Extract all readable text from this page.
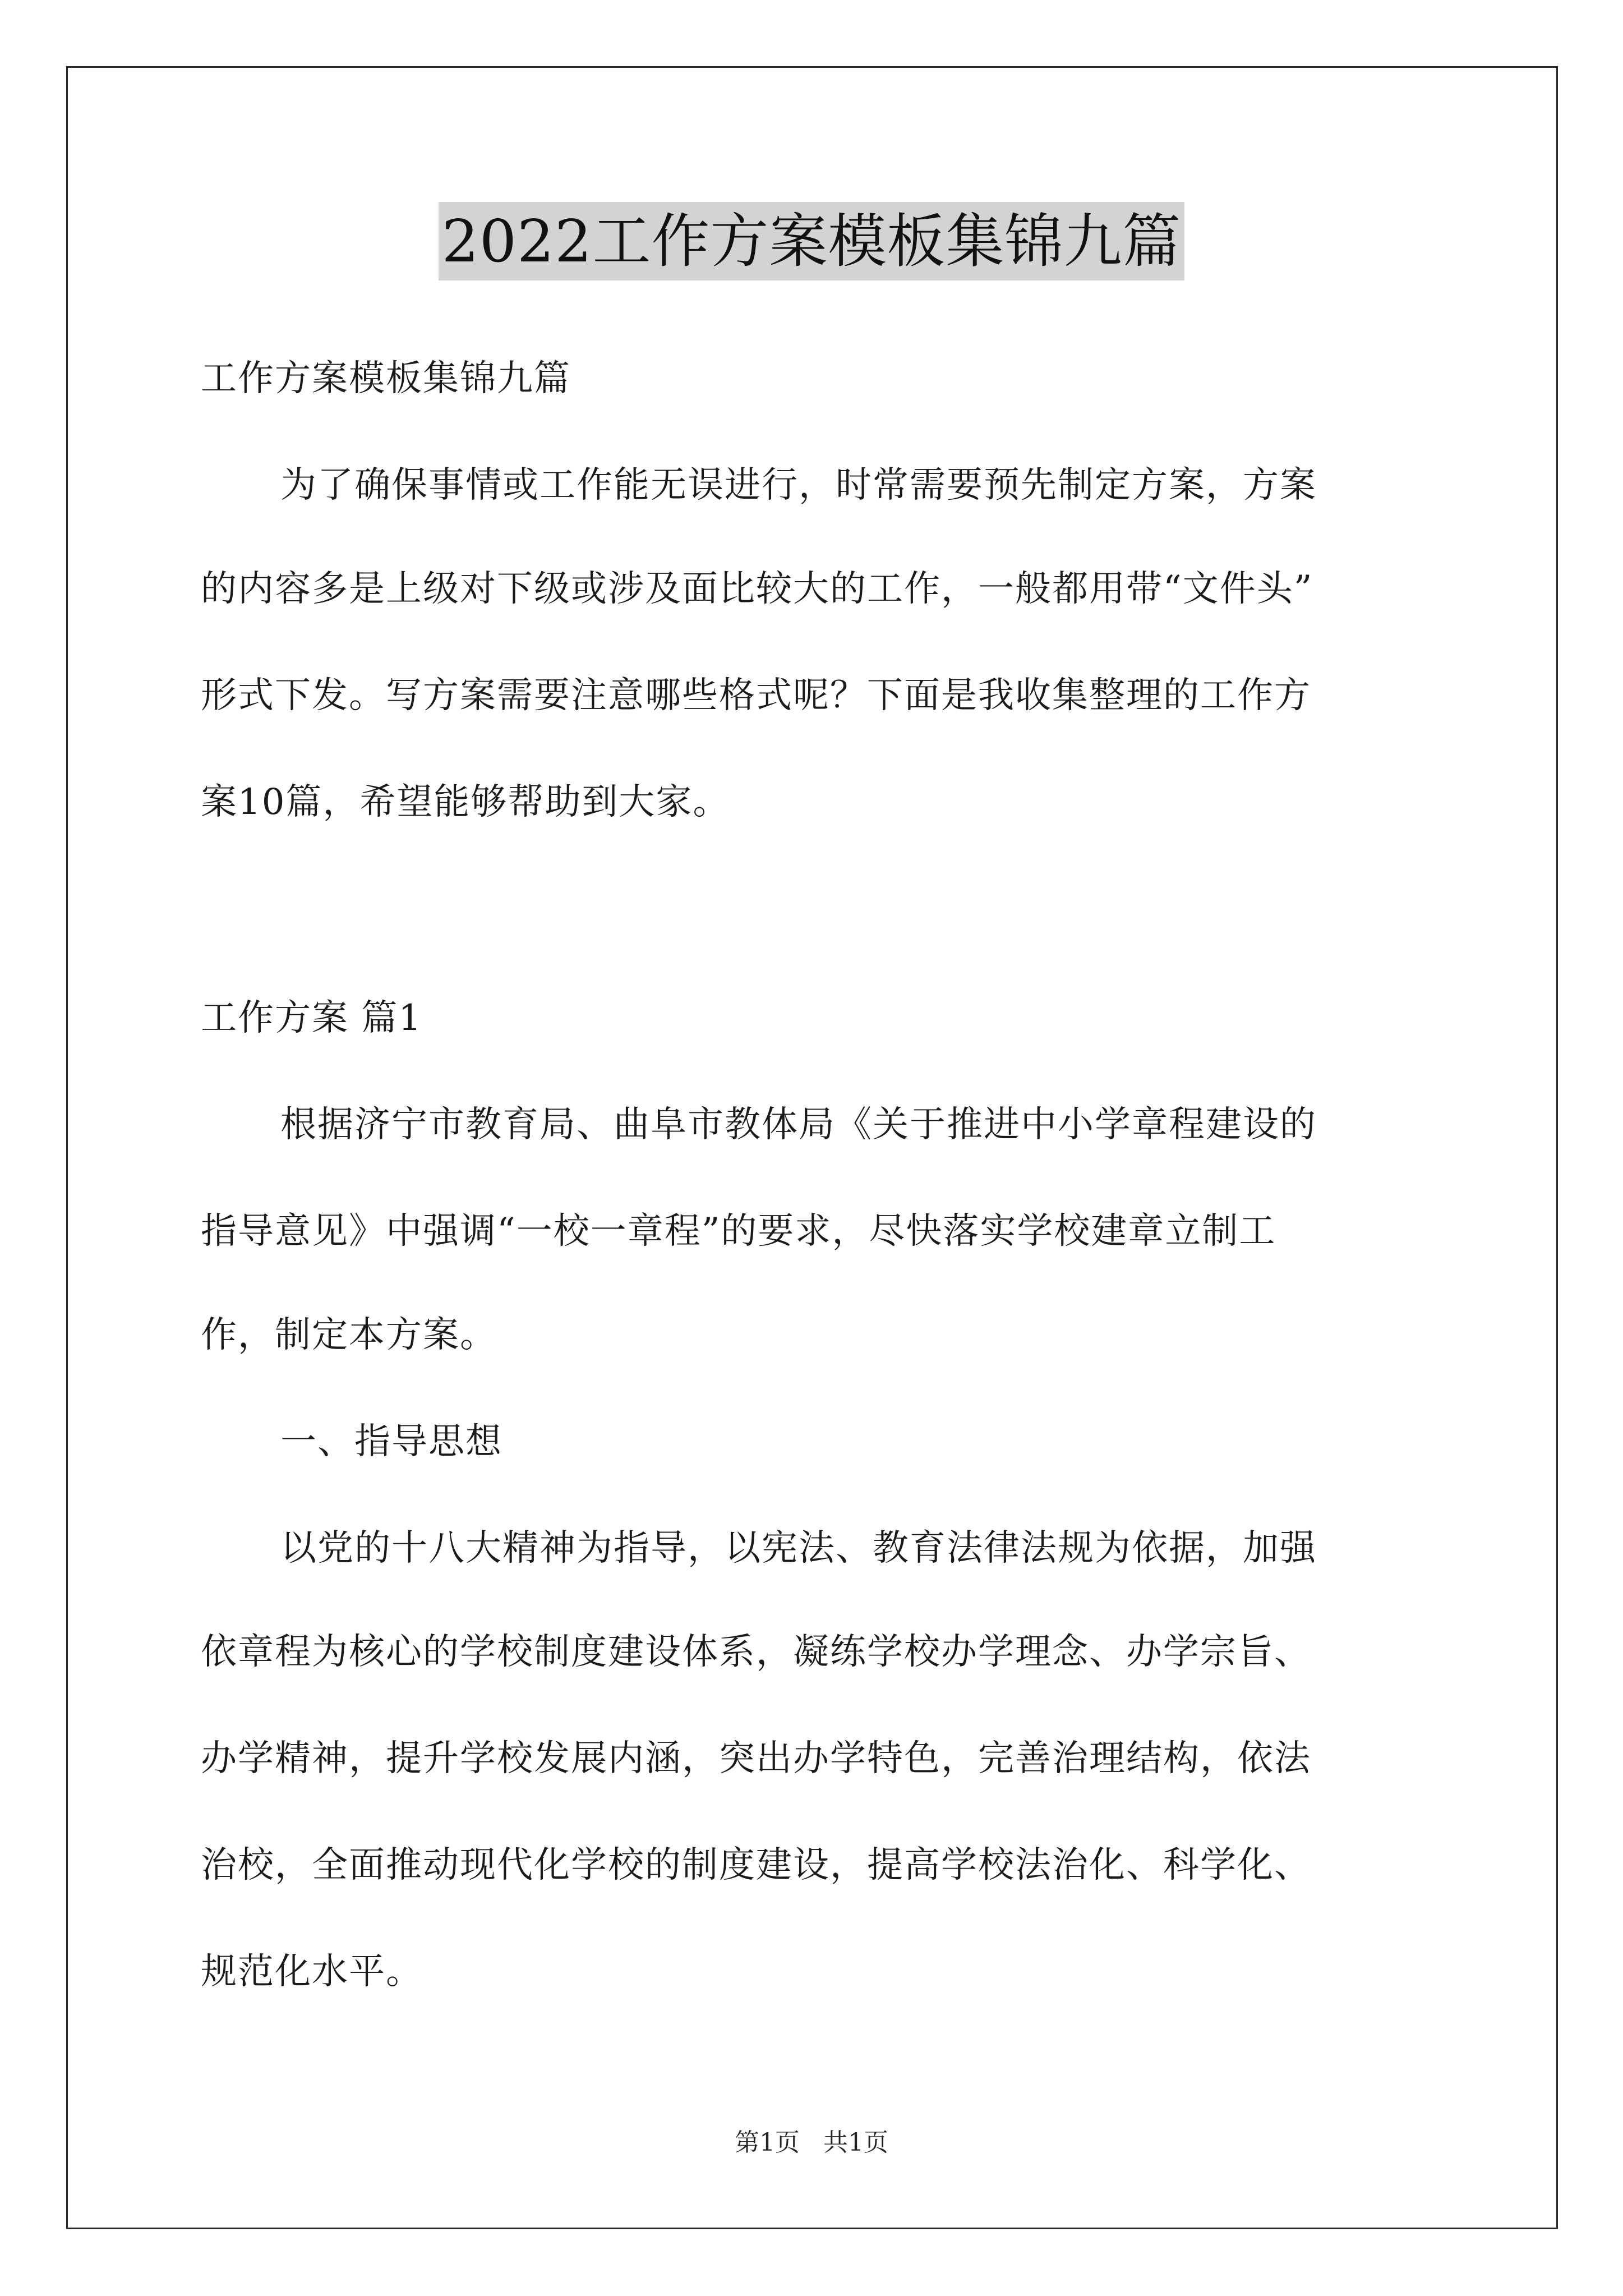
2022工作方案模板集锦九篇
工作方案模板集锦九篇
为了确保事情或工作能无误进行，时常需要预先制定方案，方案
的内容多是上级对下级或涉及面比较大的工作，一般都用带“文件头”
形式下发。写方案需要注意哪些格式呢？下面是我收集整理的工作方
案10篇，希望能够帮助到大家。
工作方案 篇1
根据济宁市教育局、曲阜市教体局《关于推进中小学章程建设的
指导意见》中强调“一校一章程”的要求，尽快落实学校建章立制工
作，制定本方案。
一、指导思想
以党的十八大精神为指导，以宪法、教育法律法规为依据，加强
依章程为核心的学校制度建设体系，凝练学校办学理念、办学宗旨、
办学精神，提升学校发展内涵，突出办学特色，完善治理结构，依法
治校，全面推动现代化学校的制度建设，提高学校法治化、科学化、
规范化水平。
第1页   共1页
